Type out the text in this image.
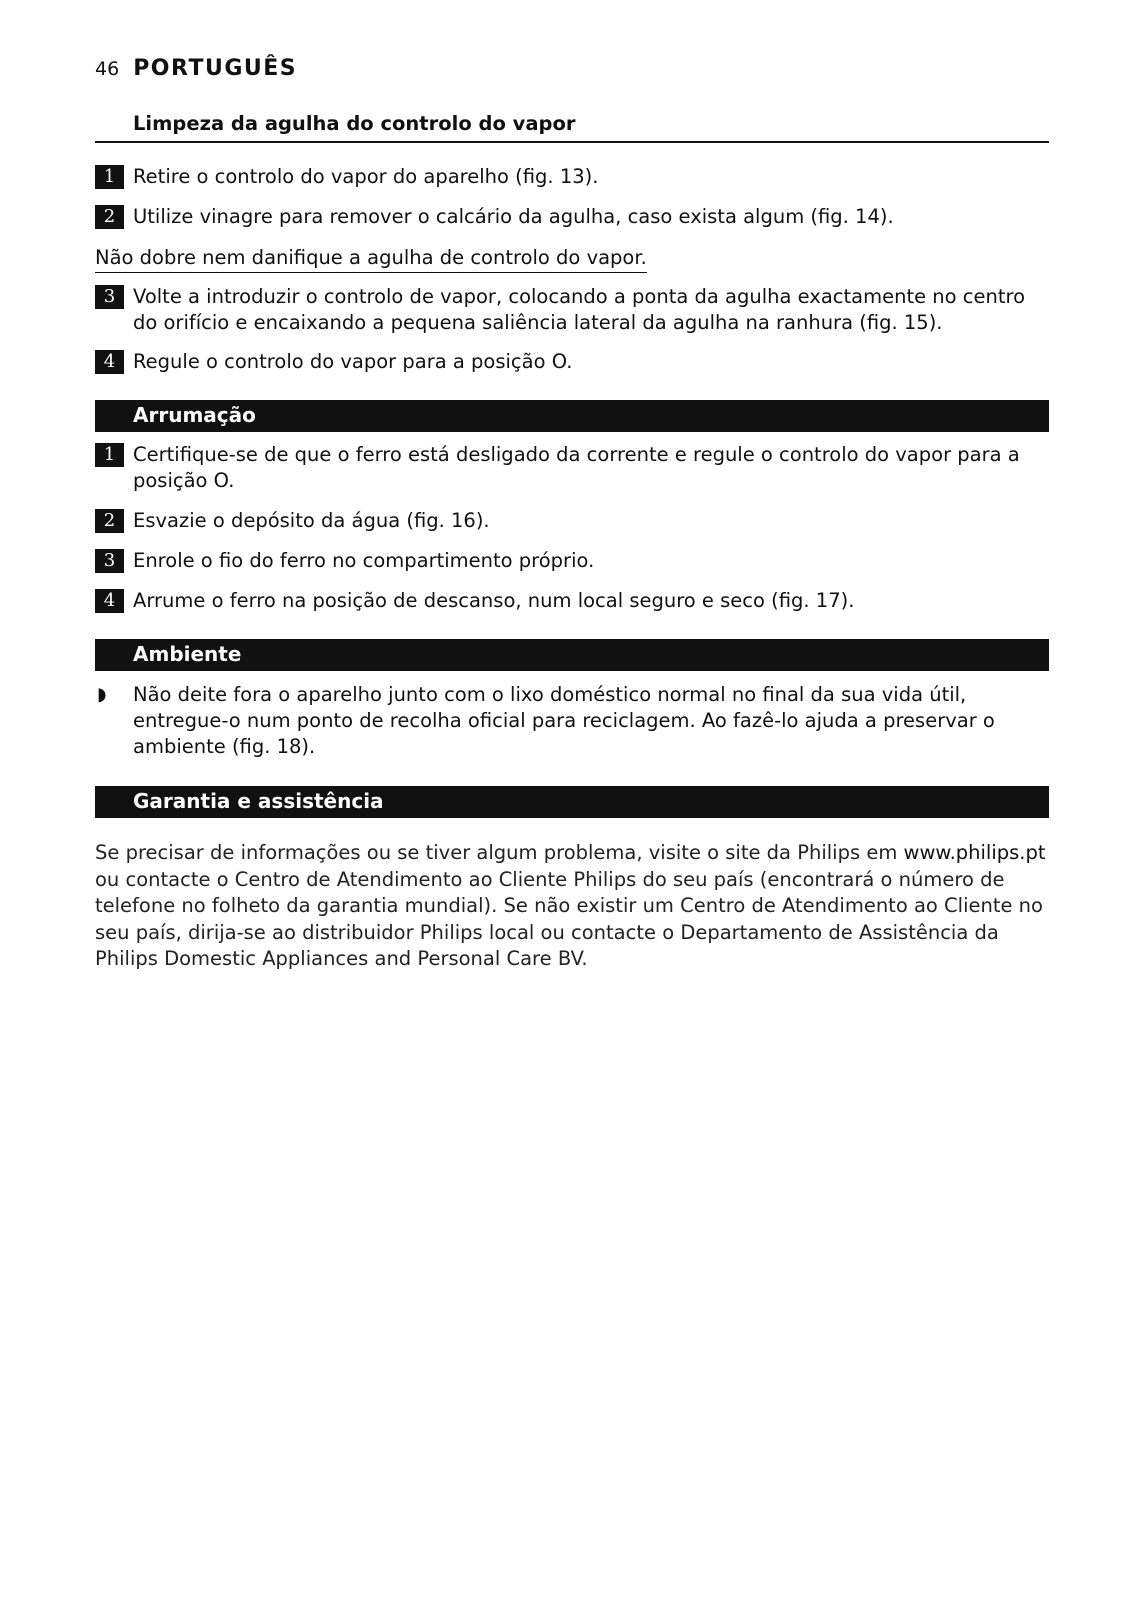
46 PORTUGUÊS
Limpeza da agulha do controlo do vapor
1 Retire o controlo do vapor do aparelho (fig. 13).
2 Utilize vinagre para remover o calcário da agulha, caso exista algum (fig. 14).
Não dobre nem danifique a agulha de controlo do vapor.
3 Volte a introduzir o controlo de vapor, colocando a ponta da agulha exactamente no centro do orifício e encaixando a pequena saliência lateral da agulha na ranhura (fig. 15).
4 Regule o controlo do vapor para a posição O.
Arrumação
1 Certifique-se de que o ferro está desligado da corrente e regule o controlo do vapor para a posição O.
2 Esvazie o depósito da água (fig. 16).
3 Enrole o fio do ferro no compartimento próprio.
4 Arrume o ferro na posição de descanso, num local seguro e seco (fig. 17).
Ambiente
◗ Não deite fora o aparelho junto com o lixo doméstico normal no final da sua vida útil, entregue-o num ponto de recolha oficial para reciclagem. Ao fazê-lo ajuda a preservar o ambiente (fig. 18).
Garantia e assistência
Se precisar de informações ou se tiver algum problema, visite o site da Philips em www.philips.pt ou contacte o Centro de Atendimento ao Cliente Philips do seu país (encontrará o número de telefone no folheto da garantia mundial). Se não existir um Centro de Atendimento ao Cliente no seu país, dirija-se ao distribuidor Philips local ou contacte o Departamento de Assistência da Philips Domestic Appliances and Personal Care BV.
